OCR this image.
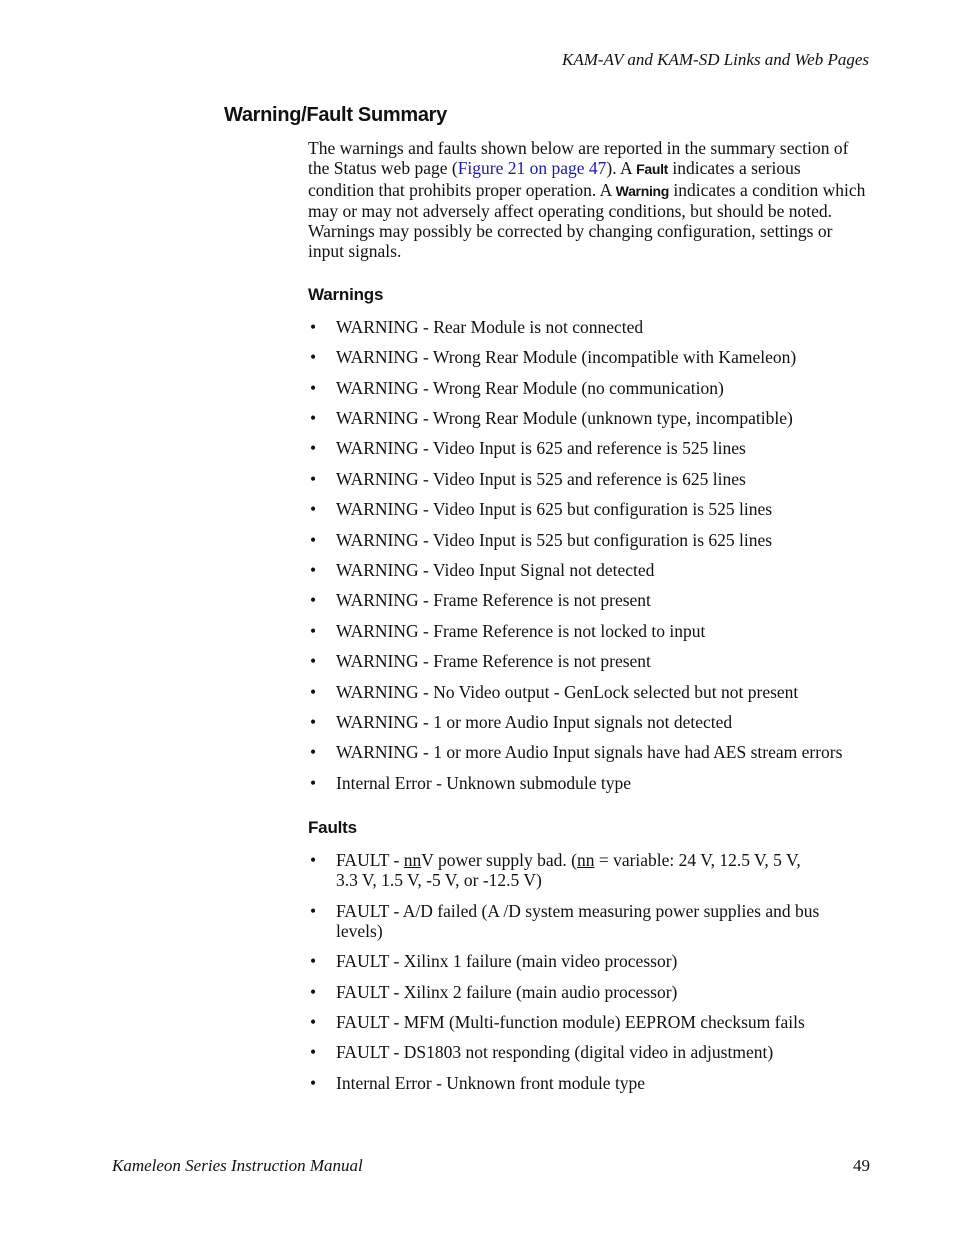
KAM-AV and KAM-SD Links and Web Pages
Warning/Fault Summary

The warnings and faults shown below are reported in the summary section of the Status web page (Figure 21 on page 47). A Fault indicates a serious condition that prohibits proper operation. A Warning indicates a condition which may or may not adversely affect operating conditions, but should be noted. Warnings may possibly be corrected by changing configuration, settings or input signals.

Warnings
• WARNING - Rear Module is not connected
• WARNING - Wrong Rear Module (incompatible with Kameleon)
• WARNING - Wrong Rear Module (no communication)
• WARNING - Wrong Rear Module (unknown type, incompatible)
• WARNING - Video Input is 625 and reference is 525 lines
• WARNING - Video Input is 525 and reference is 625 lines
• WARNING - Video Input is 625 but configuration is 525 lines
• WARNING - Video Input is 525 but configuration is 625 lines
• WARNING - Video Input Signal not detected
• WARNING - Frame Reference is not present
• WARNING - Frame Reference is not locked to input
• WARNING - Frame Reference is not present
• WARNING - No Video output - GenLock selected but not present
• WARNING - 1 or more Audio Input signals not detected
• WARNING - 1 or more Audio Input signals have had AES stream errors
• Internal Error - Unknown submodule type
Faults
• FAULT - nnV power supply bad. (nn = variable: 24 V, 12.5 V, 5 V,
3.3 V, 1.5 V, -5 V, or -12.5 V)
• FAULT - A/D failed (A /D system measuring power supplies and bus
levels)
• FAULT - Xilinx 1 failure (main video processor)
• FAULT - Xilinx 2 failure (main audio processor)
• FAULT - MFM (Multi-function module) EEPROM checksum fails
• FAULT - DS1803 not responding (digital video in adjustment)
• Internal Error - Unknown front module type
Kameleon Series Instruction Manual	49
